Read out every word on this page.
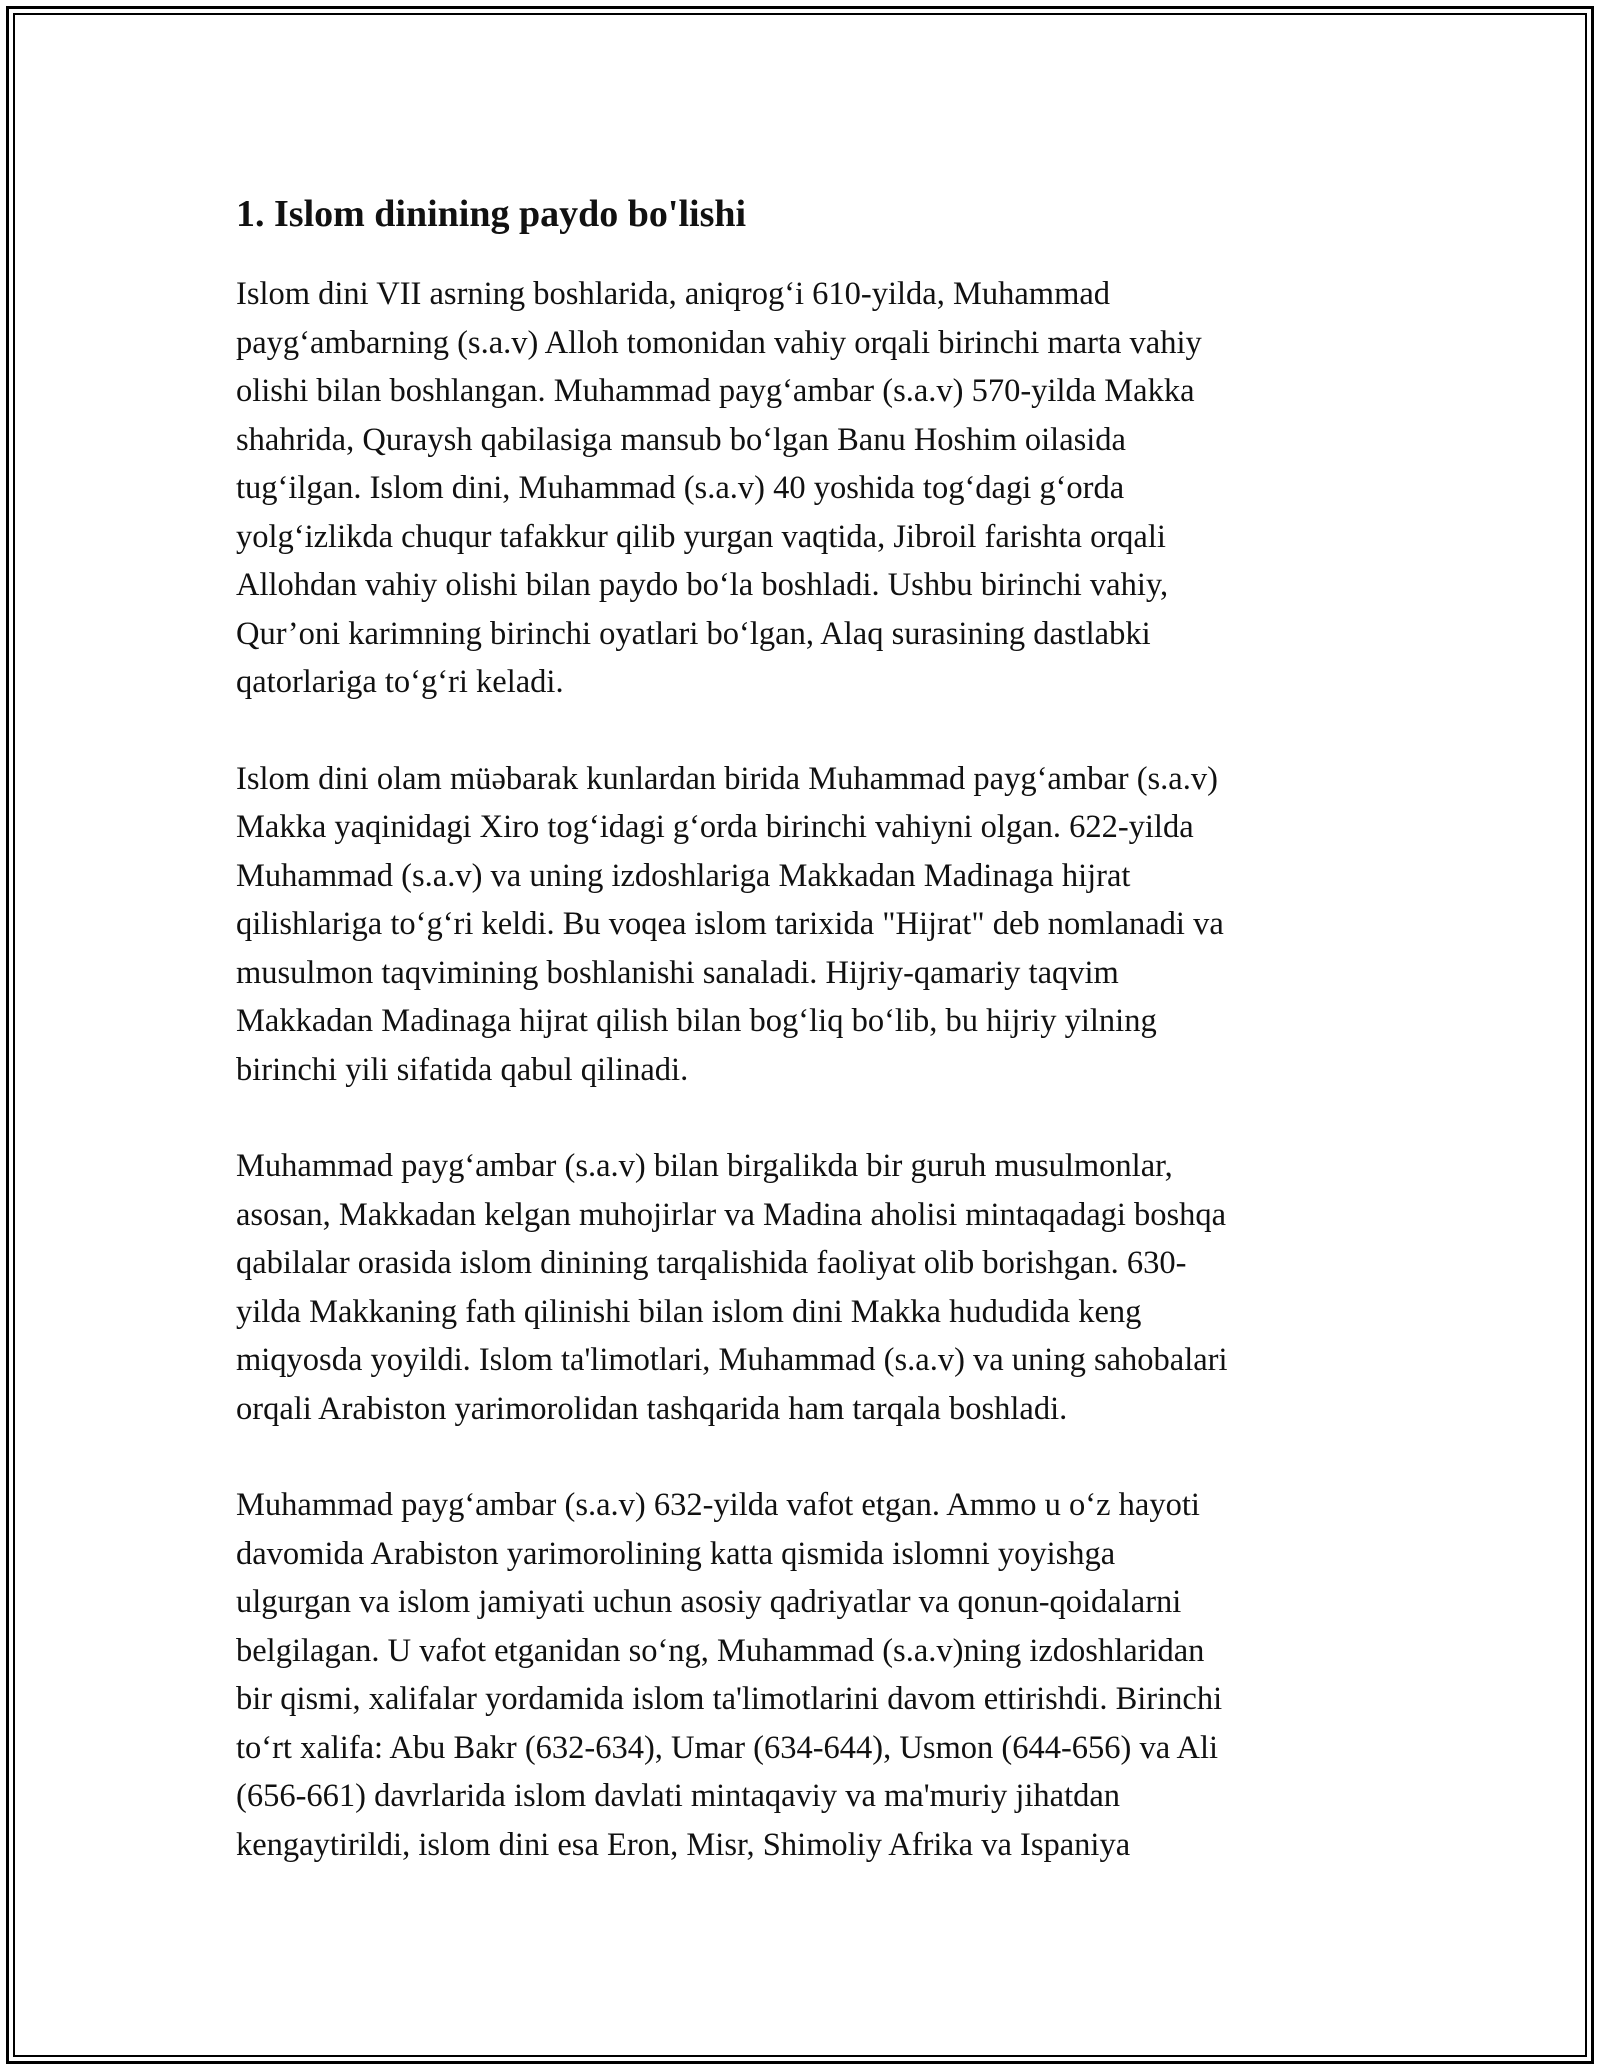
1. Islom dinining paydo bo'lishi

Islom dini VII asrning boshlarida, aniqrog‘i 610-yilda, Muhammad
payg‘ambarning (s.a.v) Alloh tomonidan vahiy orqali birinchi marta vahiy
olishi bilan boshlangan. Muhammad payg‘ambar (s.a.v) 570-yilda Makka
shahrida, Quraysh qabilasiga mansub bo‘lgan Banu Hoshim oilasida
tug‘ilgan. Islom dini, Muhammad (s.a.v) 40 yoshida tog‘dagi g‘orda
yolg‘izlikda chuqur tafakkur qilib yurgan vaqtida, Jibroil farishta orqali
Allohdan vahiy olishi bilan paydo bo‘la boshladi. Ushbu birinchi vahiy,
Qur’oni karimning birinchi oyatlari bo‘lgan, Alaq surasining dastlabki
qatorlariga to‘g‘ri keladi.

Islom dini olam müəbarak kunlardan birida Muhammad payg‘ambar (s.a.v)
Makka yaqinidagi Xiro tog‘idagi g‘orda birinchi vahiyni olgan. 622-yilda
Muhammad (s.a.v) va uning izdoshlariga Makkadan Madinaga hijrat
qilishlariga to‘g‘ri keldi. Bu voqea islom tarixida "Hijrat" deb nomlanadi va
musulmon taqvimining boshlanishi sanaladi. Hijriy-qamariy taqvim
Makkadan Madinaga hijrat qilish bilan bog‘liq bo‘lib, bu hijriy yilning
birinchi yili sifatida qabul qilinadi.

Muhammad payg‘ambar (s.a.v) bilan birgalikda bir guruh musulmonlar,
asosan, Makkadan kelgan muhojirlar va Madina aholisi mintaqadagi boshqa
qabilalar orasida islom dinining tarqalishida faoliyat olib borishgan. 630-
yilda Makkaning fath qilinishi bilan islom dini Makka hududida keng
miqyosda yoyildi. Islom ta'limotlari, Muhammad (s.a.v) va uning sahobalari
orqali Arabiston yarimorolidan tashqarida ham tarqala boshladi.

Muhammad payg‘ambar (s.a.v) 632-yilda vafot etgan. Ammo u o‘z hayoti
davomida Arabiston yarimorolining katta qismida islomni yoyishga
ulgurgan va islom jamiyati uchun asosiy qadriyatlar va qonun-qoidalarni
belgilagan. U vafot etganidan so‘ng, Muhammad (s.a.v)ning izdoshlaridan
bir qismi, xalifalar yordamida islom ta'limotlarini davom ettirishdi. Birinchi
to‘rt xalifa: Abu Bakr (632-634), Umar (634-644), Usmon (644-656) va Ali
(656-661) davrlarida islom davlati mintaqaviy va ma'muriy jihatdan
kengaytirildi, islom dini esa Eron, Misr, Shimoliy Afrika va Ispaniya
